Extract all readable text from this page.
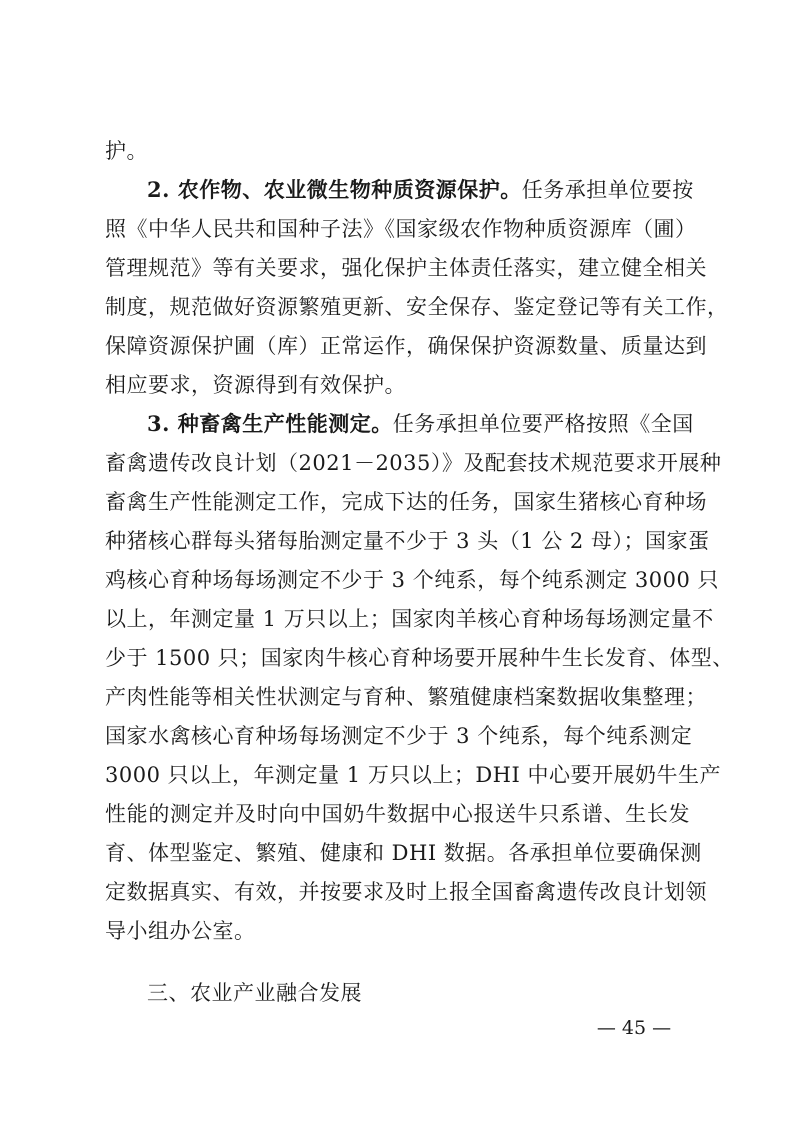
护。
2. 农作物、农业微生物种质资源保护。任务承担单位要按
照《中华人民共和国种子法》《国家级农作物种质资源库（圃）
管理规范》等有关要求，强化保护主体责任落实，建立健全相关
制度，规范做好资源繁殖更新、安全保存、鉴定登记等有关工作，
保障资源保护圃（库）正常运作，确保保护资源数量、质量达到
相应要求，资源得到有效保护。
3. 种畜禽生产性能测定。任务承担单位要严格按照《全国
畜禽遗传改良计划（2021－2035）》及配套技术规范要求开展种
畜禽生产性能测定工作，完成下达的任务，国家生猪核心育种场
种猪核心群每头猪每胎测定量不少于 3 头（1 公 2 母）；国家蛋
鸡核心育种场每场测定不少于 3 个纯系，每个纯系测定 3000 只
以上，年测定量 1 万只以上；国家肉羊核心育种场每场测定量不
少于 1500 只；国家肉牛核心育种场要开展种牛生长发育、体型、
产肉性能等相关性状测定与育种、繁殖健康档案数据收集整理；
国家水禽核心育种场每场测定不少于 3 个纯系，每个纯系测定
3000 只以上，年测定量 1 万只以上；DHI 中心要开展奶牛生产
性能的测定并及时向中国奶牛数据中心报送牛只系谱、生长发
育、体型鉴定、繁殖、健康和 DHI 数据。各承担单位要确保测
定数据真实、有效，并按要求及时上报全国畜禽遗传改良计划领
导小组办公室。
三、农业产业融合发展
— 45 —
